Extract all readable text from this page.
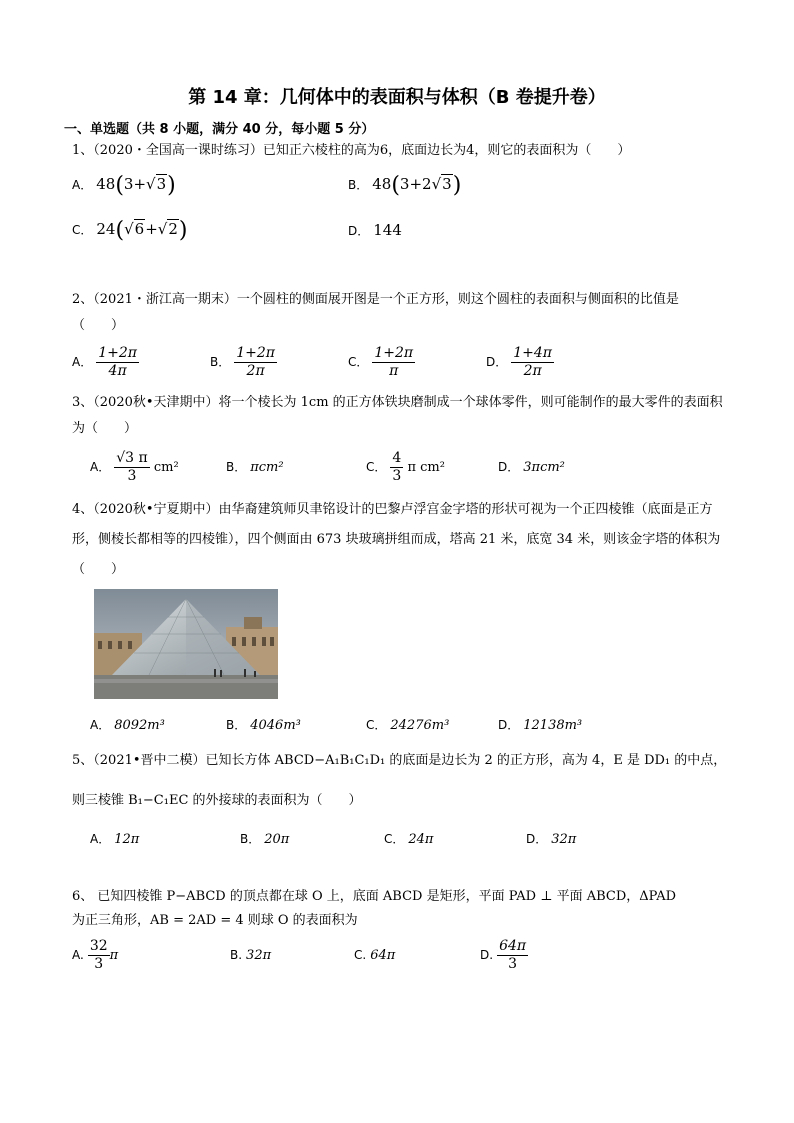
第 14 章：几何体中的表面积与体积（B 卷提升卷）
一、单选题（共 8 小题，满分 40 分，每小题 5 分）
1、（2020・全国高一课时练习）已知正六棱柱的高为6，底面边长为4，则它的表面积为（　　）
A． 48(3+√3)	B． 48(3+2√3)
C． 24(√6+√2)	D． 144
2、（2021・浙江高一期末）一个圆柱的侧面展开图是一个正方形，则这个圆柱的表面积与侧面积的比值是
（　　）
A． $\frac{1+2\pi}{4\pi}$	B． $\frac{1+2\pi}{2\pi}$	C． $\frac{1+2\pi}{\pi}$	D． $\frac{1+4\pi}{2\pi}$
3、（2020秋•天津期中）将一个棱长为 1cm 的正方体铁块磨制成一个球体零件，则可能制作的最大零件的表面积为（　　）
A． $\frac{√3 \pi}{3} cm^2$	B． πcm²	C． $\frac{4}{3}$ π cm²	D． 3πcm²
4、（2020秋•宁夏期中）由华裔建筑师贝聿铭设计的巴黎卢浮宫金字塔的形状可视为一个正四棱锥（底面是正方形，侧棱长都相等的四棱锥），四个侧面由 673 块玻璃拼组而成，塔高 21 米，底宽 34 米，则该金字塔的体积为（　　）
A． 8092m³	B． 4046m³	C． 24276m³	D． 12138m³
5、（2021•晋中二模）已知长方体 ABCD−A₁B₁C₁D₁ 的底面是边长为 2 的正方形，高为 4，E 是 DD₁ 的中点，
则三棱锥 B₁−C₁EC 的外接球的表面积为（　　）
A． 12π	B． 20π	C． 24π	D． 32π
6、 已知四棱锥 P−ABCD 的顶点都在球 O 上，底面 ABCD 是矩形，平面 PAD ⊥ 平面 ABCD，ΔPAD
为正三角形，AB = 2AD = 4 则球 O 的表面积为
A. $\frac{32}{3}$ π	B. 32π	C. 64π	D. $\frac{64\pi}{3}$
